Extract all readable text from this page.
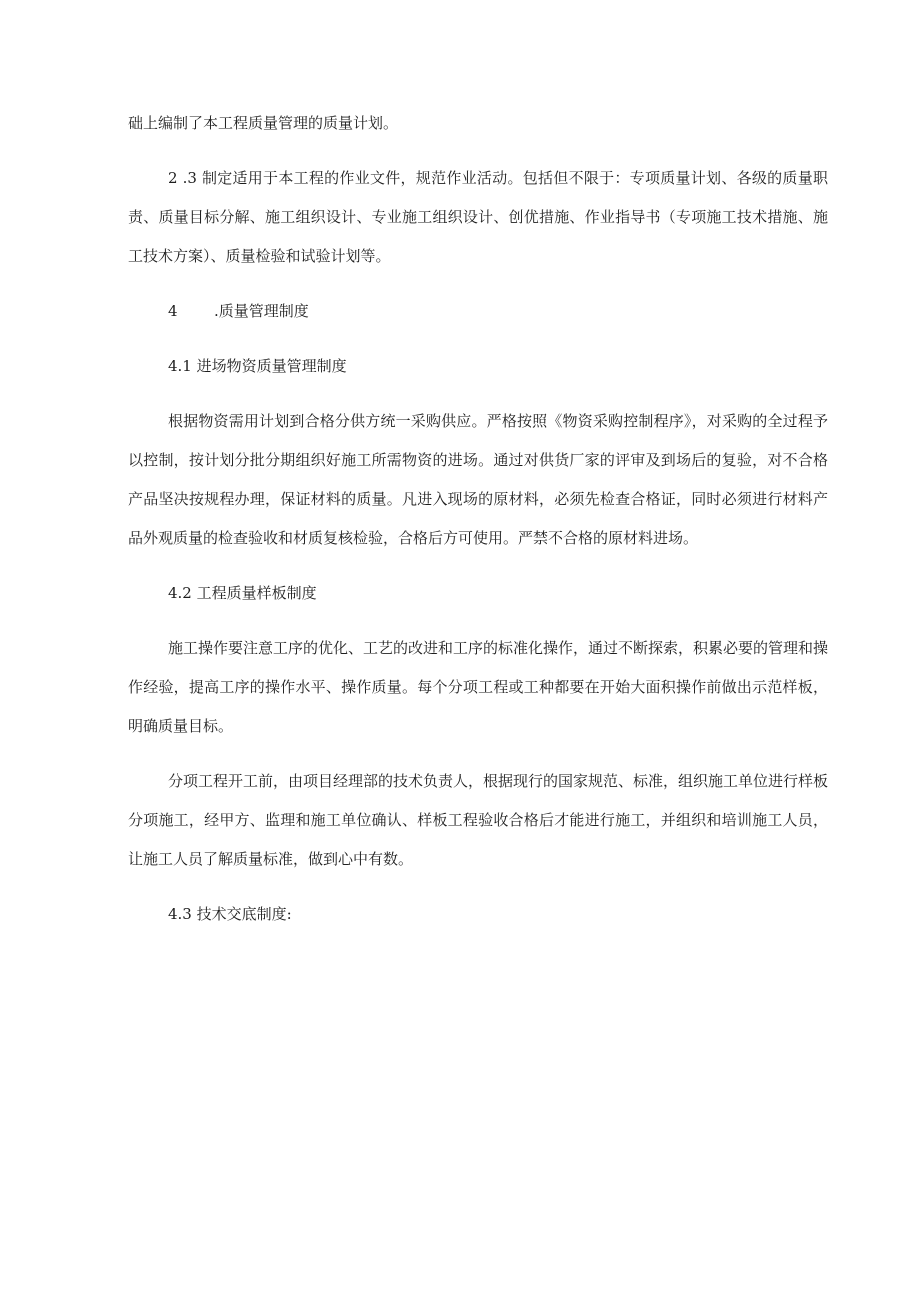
础上编制了本工程质量管理的质量计划。

2 .3 制定适用于本工程的作业文件，规范作业活动。包括但不限于：专项质量计划、各级的质量职责、质量目标分解、施工组织设计、专业施工组织设计、创优措施、作业指导书（专项施工技术措施、施工技术方案）、质量检验和试验计划等。

4 .质量管理制度

4.1 进场物资质量管理制度

根据物资需用计划到合格分供方统一采购供应。严格按照《物资采购控制程序》，对采购的全过程予以控制，按计划分批分期组织好施工所需物资的进场。通过对供货厂家的评审及到场后的复验，对不合格产品坚决按规程办理，保证材料的质量。凡进入现场的原材料，必须先检查合格证，同时必须进行材料产品外观质量的检查验收和材质复核检验，合格后方可使用。严禁不合格的原材料进场。

4.2 工程质量样板制度

施工操作要注意工序的优化、工艺的改进和工序的标准化操作，通过不断探索，积累必要的管理和操作经验，提高工序的操作水平、操作质量。每个分项工程或工种都要在开始大面积操作前做出示范样板，明确质量目标。

分项工程开工前，由项目经理部的技术负责人，根据现行的国家规范、标准，组织施工单位进行样板分项施工，经甲方、监理和施工单位确认、样板工程验收合格后才能进行施工，并组织和培训施工人员，让施工人员了解质量标准，做到心中有数。

4.3 技术交底制度:
